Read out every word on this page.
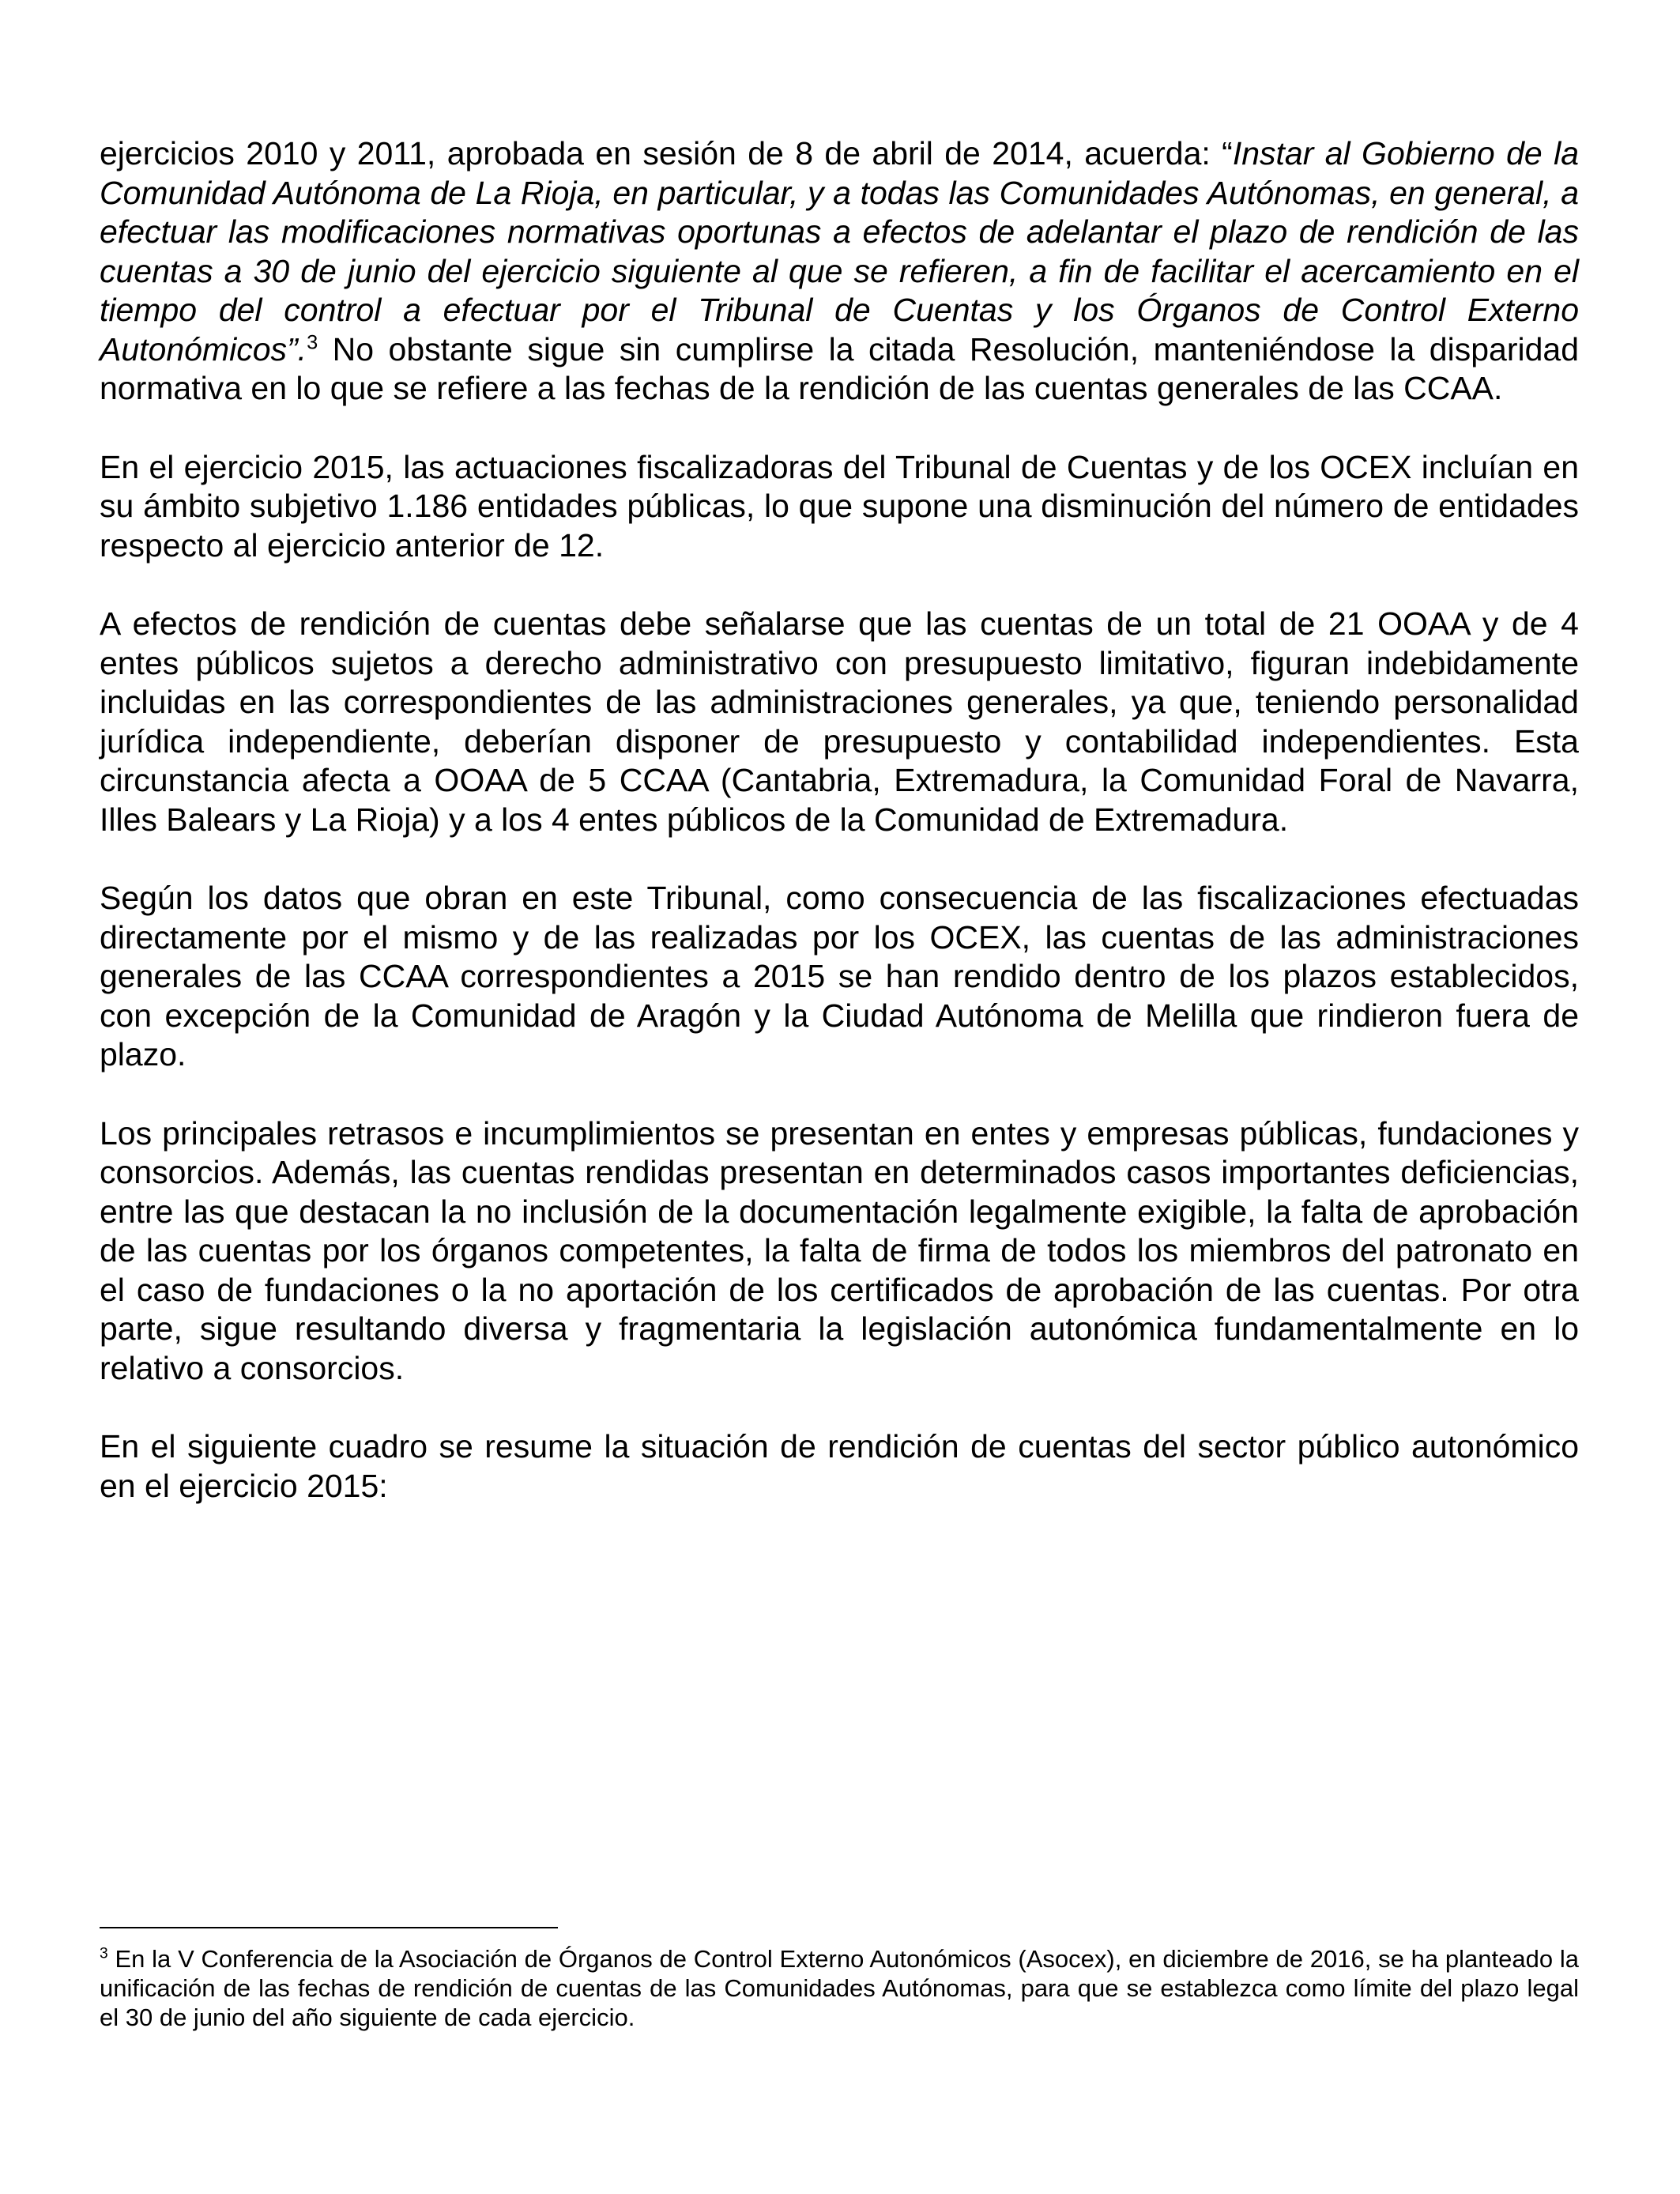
ejercicios 2010 y 2011, aprobada en sesión de 8 de abril de 2014, acuerda: “Instar al Gobierno de la Comunidad Autónoma de La Rioja, en particular, y a todas las Comunidades Autónomas, en general, a efectuar las modificaciones normativas oportunas a efectos de adelantar el plazo de rendición de las cuentas a 30 de junio del ejercicio siguiente al que se refieren, a fin de facilitar el acercamiento en el tiempo del control a efectuar por el Tribunal de Cuentas y los Órganos de Control Externo Autonómicos”.$^3$ No obstante sigue sin cumplirse la citada Resolución, manteniéndose la disparidad normativa en lo que se refiere a las fechas de la rendición de las cuentas generales de las CCAA.

En el ejercicio 2015, las actuaciones fiscalizadoras del Tribunal de Cuentas y de los OCEX incluían en su ámbito subjetivo 1.186 entidades públicas, lo que supone una disminución del número de entidades respecto al ejercicio anterior de 12.

A efectos de rendición de cuentas debe señalarse que las cuentas de un total de 21 OOAA y de 4 entes públicos sujetos a derecho administrativo con presupuesto limitativo, figuran indebidamente incluidas en las correspondientes de las administraciones generales, ya que, teniendo personalidad jurídica independiente, deberían disponer de presupuesto y contabilidad independientes. Esta circunstancia afecta a OOAA de 5 CCAA (Cantabria, Extremadura, la Comunidad Foral de Navarra, Illes Balears y La Rioja) y a los 4 entes públicos de la Comunidad de Extremadura.

Según los datos que obran en este Tribunal, como consecuencia de las fiscalizaciones efectuadas directamente por el mismo y de las realizadas por los OCEX, las cuentas de las administraciones generales de las CCAA correspondientes a 2015 se han rendido dentro de los plazos establecidos, con excepción de la Comunidad de Aragón y la Ciudad Autónoma de Melilla que rindieron fuera de plazo.

Los principales retrasos e incumplimientos se presentan en entes y empresas públicas, fundaciones y consorcios. Además, las cuentas rendidas presentan en determinados casos importantes deficiencias, entre las que destacan la no inclusión de la documentación legalmente exigible, la falta de aprobación de las cuentas por los órganos competentes, la falta de firma de todos los miembros del patronato en el caso de fundaciones o la no aportación de los certificados de aprobación de las cuentas. Por otra parte, sigue resultando diversa y fragmentaria la legislación autonómica fundamentalmente en lo relativo a consorcios.

En el siguiente cuadro se resume la situación de rendición de cuentas del sector público autonómico en el ejercicio 2015:

$^3$ En la V Conferencia de la Asociación de Órganos de Control Externo Autonómicos (Asocex), en diciembre de 2016, se ha planteado la unificación de las fechas de rendición de cuentas de las Comunidades Autónomas, para que se establezca como límite del plazo legal el 30 de junio del año siguiente de cada ejercicio.
